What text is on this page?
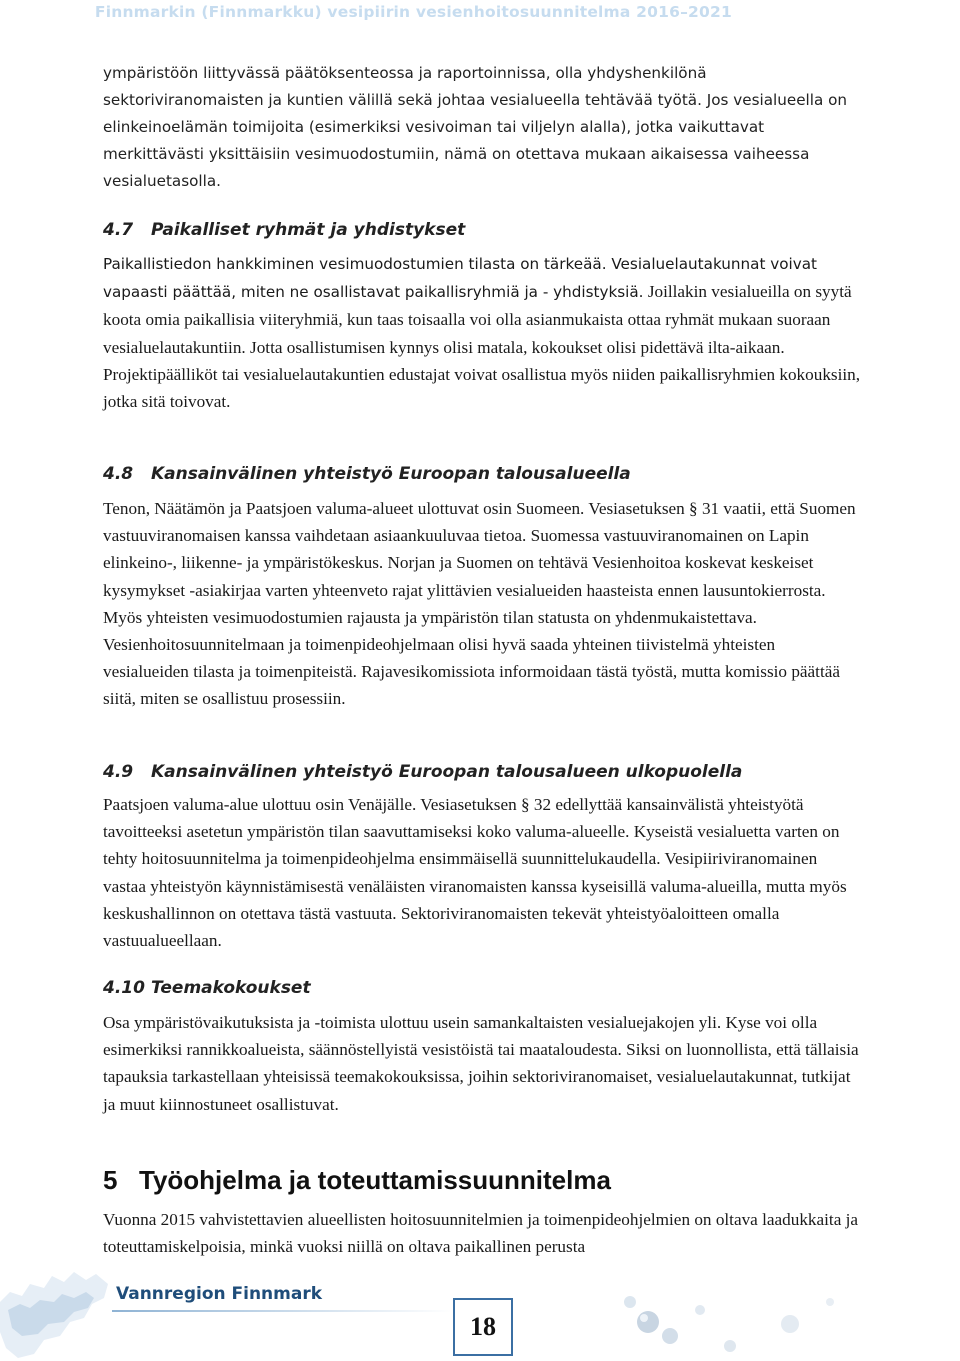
Finnmarkin (Finnmarkku) vesipiirin vesienhoitosuunnitelma 2016–2021

ympäristöön liittyvässä päätöksenteossa ja raportoinnissa, olla yhdyshenkilönä sektoriviranomaisten ja kuntien välillä sekä johtaa vesialueella tehtävää työtä. Jos vesialueella on elinkeinoelämän toimijoita (esimerkiksi vesivoiman tai viljelyn alalla), jotka vaikuttavat merkittävästi yksittäisiin vesimuodostumiin, nämä on otettava mukaan aikaisessa vaiheessa vesialuetasolla.

4.7 Paikalliset ryhmät ja yhdistykset

Paikallistiedon hankkiminen vesimuodostumien tilasta on tärkeää. Vesialuelautakunnat voivat vapaasti päättää, miten ne osallistavat paikallisryhmiä ja - yhdistyksiä. Joillakin vesialueilla on syytä koota omia paikallisia viiteryhmiä, kun taas toisaalla voi olla asianmukaista ottaa ryhmät mukaan suoraan vesialuelautakuntiin. Jotta osallistumisen kynnys olisi matala, kokoukset olisi pidettävä ilta-aikaan. Projektipäälliköt tai vesialuelautakuntien edustajat voivat osallistua myös niiden paikallisryhmien kokouksiin, jotka sitä toivovat.

4.8 Kansainvälinen yhteistyö Euroopan talousalueella

Tenon, Näätämön ja Paatsjoen valuma-alueet ulottuvat osin Suomeen. Vesiasetuksen § 31 vaatii, että Suomen vastuuviranomaisen kanssa vaihdetaan asiaankuuluvaa tietoa. Suomessa vastuuviranomainen on Lapin elinkeino-, liikenne- ja ympäristökeskus. Norjan ja Suomen on tehtävä Vesienhoitoa koskevat keskeiset kysymykset -asiakirjaa varten yhteenveto rajat ylittävien vesialueiden haasteista ennen lausuntokierrosta. Myös yhteisten vesimuodostumien rajausta ja ympäristön tilan statusta on yhdenmukaistettava. Vesienhoitosuunnitelmaan ja toimenpideohjelmaan olisi hyvä saada yhteinen tiivistelmä yhteisten vesialueiden tilasta ja toimenpiteistä. Rajavesikomissiota informoidaan tästä työstä, mutta komissio päättää siitä, miten se osallistuu prosessiin.

4.9 Kansainvälinen yhteistyö Euroopan talousalueen ulkopuolella

Paatsjoen valuma-alue ulottuu osin Venäjälle. Vesiasetuksen § 32 edellyttää kansainvälistä yhteistyötä tavoitteeksi asetetun ympäristön tilan saavuttamiseksi koko valuma-alueelle. Kyseistä vesialuetta varten on tehty hoitosuunnitelma ja toimenpideohjelma ensimmäisellä suunnittelukaudella. Vesipiiriviranomainen vastaa yhteistyön käynnistämisestä venäläisten viranomaisten kanssa kyseisillä valuma-alueilla, mutta myös keskushallinnon on otettava tästä vastuuta. Sektoriviranomaisten tekevät yhteistyöaloitteen omalla vastuualueellaan.

4.10 Teemakokoukset

Osa ympäristövaikutuksista ja -toimista ulottuu usein samankaltaisten vesialuejakojen yli. Kyse voi olla esimerkiksi rannikkoalueista, säännöstellyistä vesistöistä tai maataloudesta. Siksi on luonnollista, että tällaisia tapauksia tarkastellaan yhteisissä teemakokouksissa, joihin sektoriviranomaiset, vesialuelautakunnat, tutkijat ja muut kiinnostuneet osallistuvat.

5 Työohjelma ja toteuttamissuunnitelma

Vuonna 2015 vahvistettavien alueellisten hoitosuunnitelmien ja toimenpideohjelmien on oltava laadukkaita ja toteuttamiskelpoisia, minkä vuoksi niillä on oltava paikallinen perusta

Vannregion Finnmark
18
